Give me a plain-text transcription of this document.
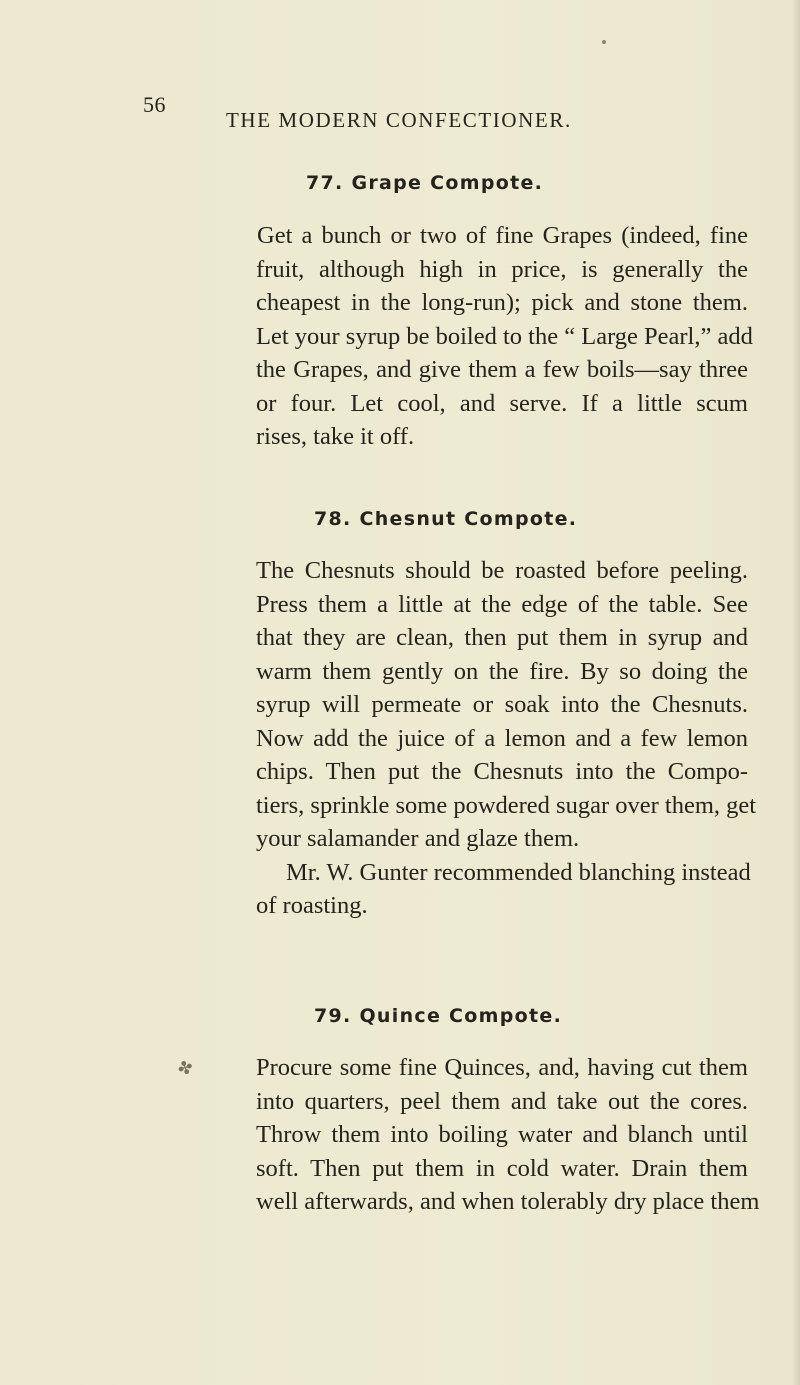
✤
56
THE MODERN CONFECTIONER.
77. Grape Compote.
Get a bunch or two of fine Grapes (indeed, fine
fruit, although high in price, is generally the
cheapest in the long-run); pick and stone them.
Let your syrup be boiled to the “ Large Pearl,” add
the Grapes, and give them a few boils—say three
or four. Let cool, and serve. If a little scum
rises, take it off.
78. Chesnut Compote.
The Chesnuts should be roasted before peeling.
Press them a little at the edge of the table. See
that they are clean, then put them in syrup and
warm them gently on the fire. By so doing the
syrup will permeate or soak into the Chesnuts.
Now add the juice of a lemon and a few lemon
chips. Then put the Chesnuts into the Compo-
tiers, sprinkle some powdered sugar over them, get
your salamander and glaze them.
Mr. W. Gunter recommended blanching instead
of roasting.
79. Quince Compote.
Procure some fine Quinces, and, having cut them
into quarters, peel them and take out the cores.
Throw them into boiling water and blanch until
soft. Then put them in cold water. Drain them
well afterwards, and when tolerably dry place them
